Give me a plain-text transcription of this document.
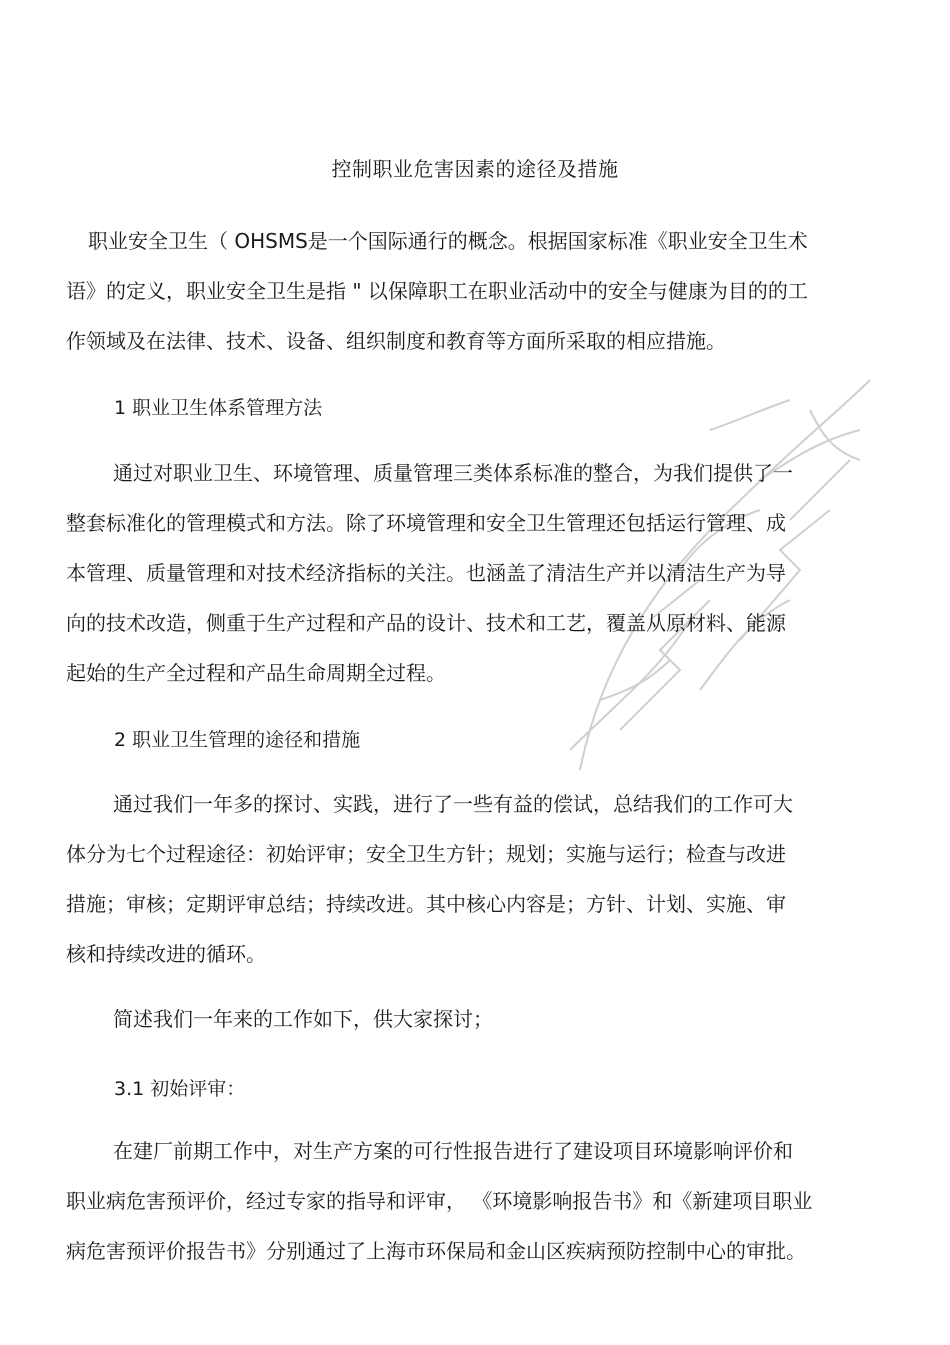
控制职业危害因素的途径及措施
职业安全卫生（ OHSMS是一个国际通行的概念。根据国家标准《职业安全卫生术
语》的定义，职业安全卫生是指 " 以保障职工在职业活动中的安全与健康为目的的工
作领域及在法律、技术、设备、组织制度和教育等方面所采取的相应措施。
1 职业卫生体系管理方法
通过对职业卫生、环境管理、质量管理三类体系标准的整合，为我们提供了一
整套标准化的管理模式和方法。除了环境管理和安全卫生管理还包括运行管理、成
本管理、质量管理和对技术经济指标的关注。也涵盖了清洁生产并以清洁生产为导
向的技术改造，侧重于生产过程和产品的设计、技术和工艺，覆盖从原材料、能源
起始的生产全过程和产品生命周期全过程。
2 职业卫生管理的途径和措施
通过我们一年多的探讨、实践，进行了一些有益的偿试，总结我们的工作可大
体分为七个过程途径：初始评审；安全卫生方针；规划；实施与运行；检查与改进
措施；审核；定期评审总结；持续改进。其中核心内容是；方针、计划、实施、审
核和持续改进的循环。
简述我们一年来的工作如下，供大家探讨；
3.1 初始评审：
在建厂前期工作中，对生产方案的可行性报告进行了建设项目环境影响评价和
职业病危害预评价，经过专家的指导和评审， 《环境影响报告书》和《新建项目职业
病危害预评价报告书》分别通过了上海市环保局和金山区疾病预防控制中心的审批。
